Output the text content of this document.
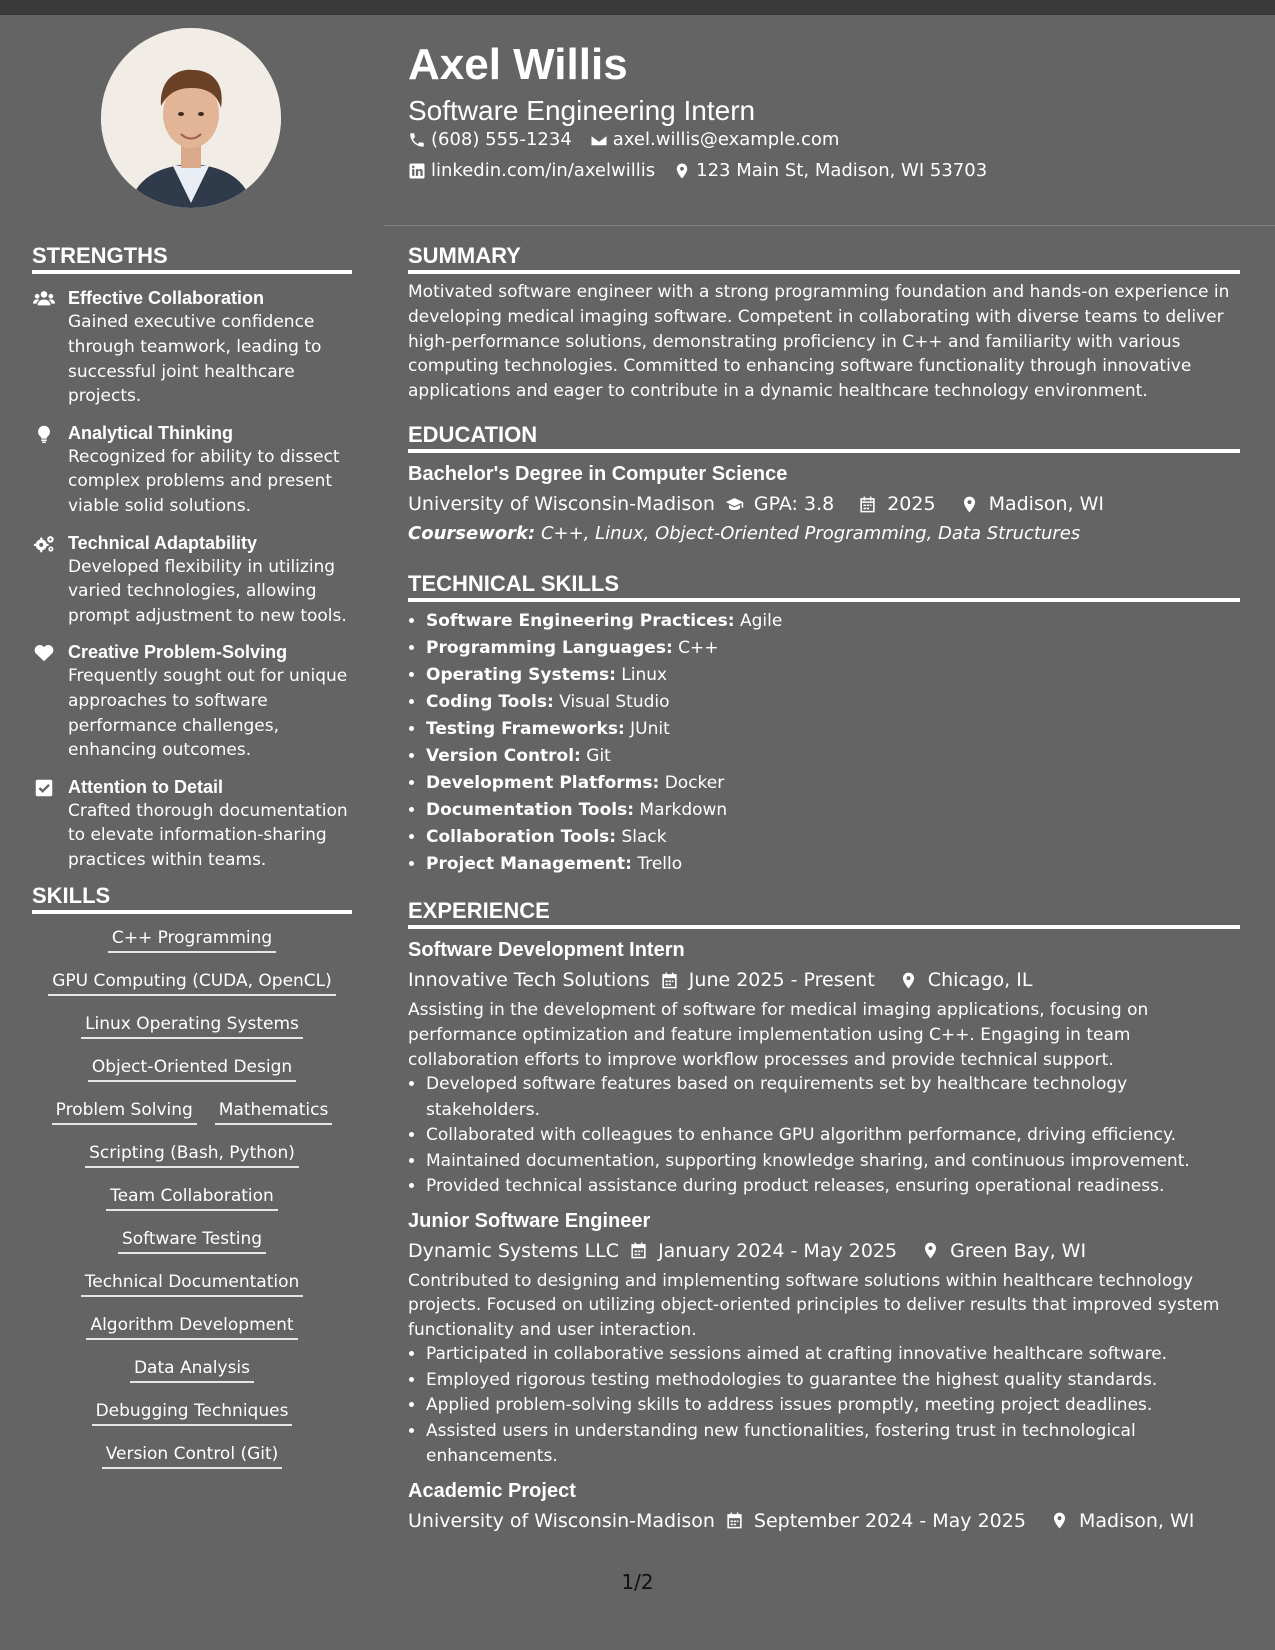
Axel Willis
Software Engineering Intern
(608) 555-1234 axel.willis@example.com
linkedin.com/in/axelwillis 123 Main St, Madison, WI 53703
SUMMARY

Motivated software engineer with a strong programming foundation and hands-on experience in developing medical imaging software. Competent in collaborating with diverse teams to deliver high-performance solutions, demonstrating proficiency in C++ and familiarity with various computing technologies. Committed to enhancing software functionality through innovative applications and eager to contribute in a dynamic healthcare technology environment.

EDUCATION
Bachelor's Degree in Computer Science
University of Wisconsin-Madison GPA: 3.8	2025	Madison, WI
Coursework: C++, Linux, Object-Oriented Programming, Data Structures
TECHNICAL SKILLS
• Software Engineering Practices: Agile
• Programming Languages: C++
• Operating Systems: Linux
• Coding Tools: Visual Studio
• Testing Frameworks: JUnit
• Version Control: Git
• Development Platforms: Docker
• Documentation Tools: Markdown
• Collaboration Tools: Slack
• Project Management: Trello
EXPERIENCE
Software Development Intern
Innovative Tech Solutions June 2025 - Present	Chicago, IL

Assisting in the development of software for medical imaging applications, focusing on performance optimization and feature implementation using C++. Engaging in team collaboration efforts to improve workflow processes and provide technical support.

• Developed software features based on requirements set by healthcare technology stakeholders.
• Collaborated with colleagues to enhance GPU algorithm performance, driving efficiency.
• Maintained documentation, supporting knowledge sharing, and continuous improvement.
• Provided technical assistance during product releases, ensuring operational readiness.
Junior Software Engineer
Dynamic Systems LLC January 2024 - May 2025	Green Bay, WI

Contributed to designing and implementing software solutions within healthcare technology projects. Focused on utilizing object-oriented principles to deliver results that improved system functionality and user interaction.

• Participated in collaborative sessions aimed at crafting innovative healthcare software.
• Employed rigorous testing methodologies to guarantee the highest quality standards.
• Applied problem-solving skills to address issues promptly, meeting project deadlines.
• Assisted users in understanding new functionalities, fostering trust in technological enhancements.
Academic Project
University of Wisconsin-Madison September 2024 - May 2025	Madison, WI
STRENGTHS
Effective Collaboration
Gained executive confidence through teamwork, leading to successful joint healthcare projects.
Analytical Thinking
Recognized for ability to dissect complex problems and present viable solid solutions.
Technical Adaptability
Developed flexibility in utilizing varied technologies, allowing prompt adjustment to new tools.
Creative Problem-Solving
Frequently sought out for unique approaches to software performance challenges, enhancing outcomes.
Attention to Detail
Crafted thorough documentation to elevate information-sharing practices within teams.
SKILLS
C++ Programming
GPU Computing (CUDA, OpenCL)
Linux Operating Systems
Object-Oriented Design
Problem Solving Mathematics
Scripting (Bash, Python)
Team Collaboration
Software Testing
Technical Documentation
Algorithm Development
Data Analysis
Debugging Techniques
Version Control (Git)
1/2
